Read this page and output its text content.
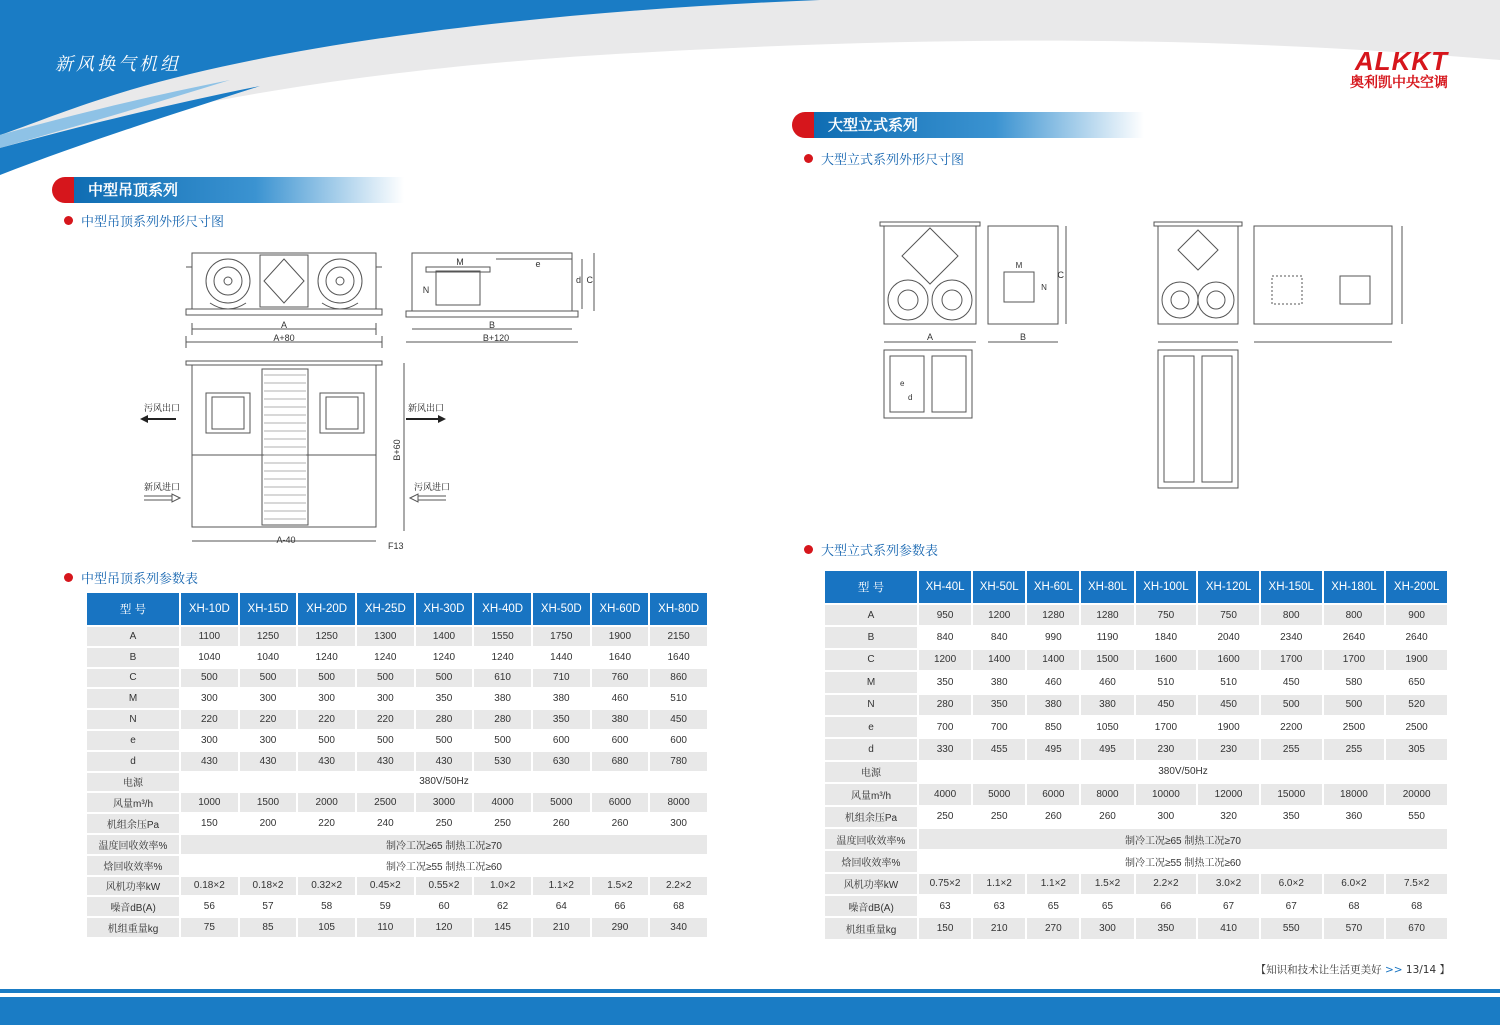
新风换气机组	ALKKT
奥利凯中央空调
中型吊顶系列
中型吊顶系列外形尺寸图
A
A+80
M
N
e
d C
B
B+120
B+60
A-40
F13
污风出口	新风出口
新风进口	污风进口
中型吊顶系列参数表
型 号	XH-10D	XH-15D	XH-20D	XH-25D	XH-30D	XH-40D	XH-50D	XH-60D	XH-80D
A	1100	1250	1250	1300	1400	1550	1750	1900	2150
B	1040	1040	1240	1240	1240	1240	1440	1640	1640
C	500	500	500	500	500	610	710	760	860
M	300	300	300	300	350	380	380	460	510
N	220	220	220	220	280	280	350	380	450
e	300	300	500	500	500	500	600	600	600
d	430	430	430	430	430	530	630	680	780
电源	380V/50Hz								
风量m³/h	1000	1500	2000	2500	3000	4000	5000	6000	8000
机组余压Pa	150	200	220	240	250	250	260	260	300
温度回收效率%	制冷工况≥65 制热工况≥70								
焓回收效率%	制冷工况≥55 制热工况≥60								
风机功率kW	0.18×2	0.18×2	0.32×2	0.45×2	0.55×2	1.0×2	1.1×2	1.5×2	2.2×2
噪音dB(A)	56	57	58	59	60	62	64	66	68
机组重量kg	75	85	105	110	120	145	210	290	340
大型立式系列
大型立式系列外形尺寸图
A
M
N
C
B
e
d
大型立式系列参数表
型 号	XH-40L	XH-50L	XH-60L	XH-80L	XH-100L	XH-120L	XH-150L	XH-180L	XH-200L
A	950	1200	1280	1280	750	750	800	800	900
B	840	840	990	1190	1840	2040	2340	2640	2640
C	1200	1400	1400	1500	1600	1600	1700	1700	1900
M	350	380	460	460	510	510	450	580	650
N	280	350	380	380	450	450	500	500	520
e	700	700	850	1050	1700	1900	2200	2500	2500
d	330	455	495	495	230	230	255	255	305
电源	380V/50Hz								
风量m³/h	4000	5000	6000	8000	10000	12000	15000	18000	20000
机组余压Pa	250	250	260	260	300	320	350	360	550
温度回收效率%	制冷工况≥65 制热工况≥70								
焓回收效率%	制冷工况≥55 制热工况≥60								
风机功率kW	0.75×2	1.1×2	1.1×2	1.5×2	2.2×2	3.0×2	6.0×2	6.0×2	7.5×2
噪音dB(A)	63	63	65	65	66	67	67	68	68
机组重量kg	150	210	270	300	350	410	550	570	670
【知识和技术让生活更美好 >> 13/14 】
